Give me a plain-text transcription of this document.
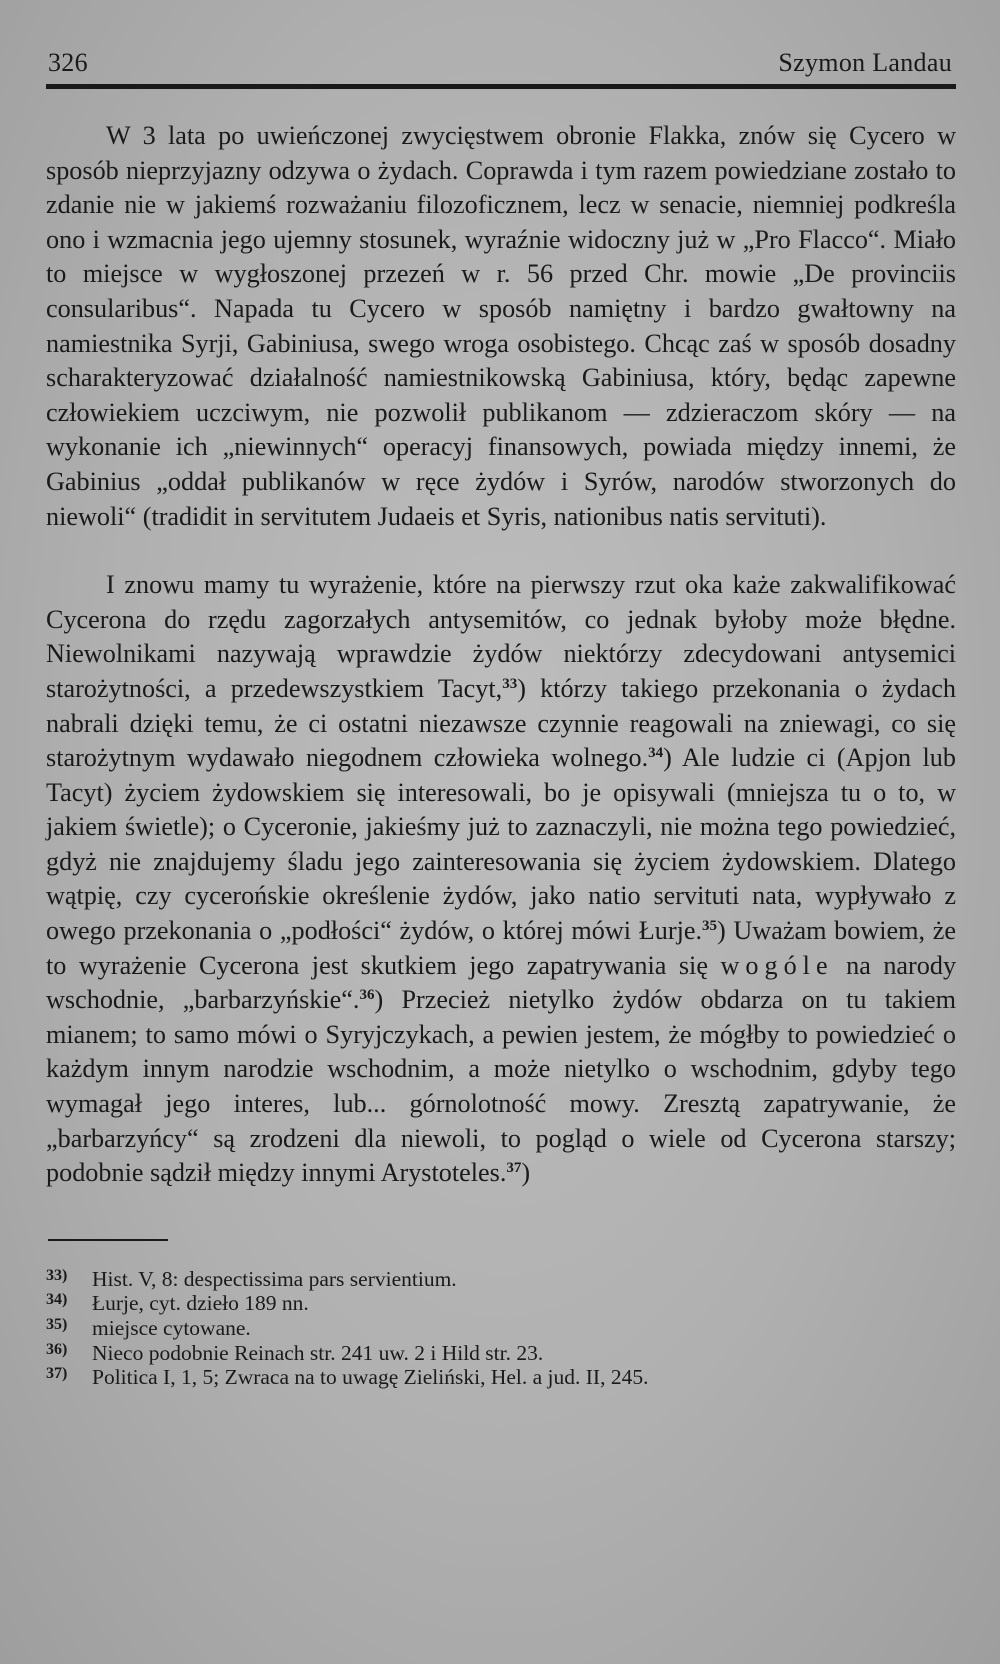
326	Szymon Landau

W 3 lata po uwieńczonej zwycięstwem obronie Flakka, znów się Cycero w sposób nieprzyjazny odzywa o żydach. Coprawda i tym razem powiedziane zostało to zdanie nie w jakiemś rozważaniu filozoficznem, lecz w senacie, niemniej podkreśla ono i wzmacnia jego ujemny stosunek, wyraźnie widoczny już w „Pro Flacco“. Miało to miejsce w wygłoszonej przezeń w r. 56 przed Chr. mowie „De provinciis consularibus“. Napada tu Cycero w sposób namiętny i bardzo gwałtowny na namiestnika Syrji, Gabiniusa, swego wroga osobistego. Chcąc zaś w sposób dosadny scharakteryzować działalność namiestnikowską Gabiniusa, który, będąc zapewne człowiekiem uczciwym, nie pozwolił publikanom — zdzieraczom skóry — na wykonanie ich „niewinnych“ operacyj finansowych, powiada między innemi, że Gabinius „oddał publikanów w ręce żydów i Syrów, narodów stworzonych do niewoli“ (tradidit in servitutem Judaeis et Syris, nationibus natis servituti).

I znowu mamy tu wyrażenie, które na pierwszy rzut oka każe zakwalifikować Cycerona do rzędu zagorzałych antysemitów, co jednak byłoby może błędne. Niewolnikami nazywają wprawdzie żydów niektórzy zdecydowani antysemici starożytności, a przedewszystkiem Tacyt,$^{33}$) którzy takiego przekonania o żydach nabrali dzięki temu, że ci ostatni niezawsze czynnie reagowali na zniewagi, co się starożytnym wydawało niegodnem człowieka wolnego.$^{34}$) Ale ludzie ci (Apjon lub Tacyt) życiem żydowskiem się interesowali, bo je opisywali (mniejsza tu o to, w jakiem świetle); o Cyceronie, jakieśmy już to zaznaczyli, nie można tego powiedzieć, gdyż nie znajdujemy śladu jego zainteresowania się życiem żydowskiem. Dlatego wątpię, czy cycerońskie określenie żydów, jako natio servituti nata, wypływało z owego przekonania o „podłości“ żydów, o której mówi Łurje.$^{35}$) Uważam bowiem, że to wyrażenie Cycerona jest skutkiem jego zapatrywania się wogóle na narody wschodnie, „barbarzyńskie“.$^{36}$) Przecież nietylko żydów obdarza on tu takiem mianem; to samo mówi o Syryjczykach, a pewien jestem, że mógłby to powiedzieć o każdym innym narodzie wschodnim, a może nietylko o wschodnim, gdyby tego wymagał jego interes, lub... górnolotność mowy. Zresztą zapatrywanie, że „barbarzyńcy“ są zrodzeni dla niewoli, to pogląd o wiele od Cycerona starszy; podobnie sądził między innymi Arystoteles.$^{37}$)

33)	Hist. V, 8: despectissima pars servientium.
34)	Łurje, cyt. dzieło 189 nn.
35)	miejsce cytowane.
36)	Nieco podobnie Reinach str. 241 uw. 2 i Hild str. 23.
37)	Politica I, 1, 5; Zwraca na to uwagę Zieliński, Hel. a jud. II, 245.
